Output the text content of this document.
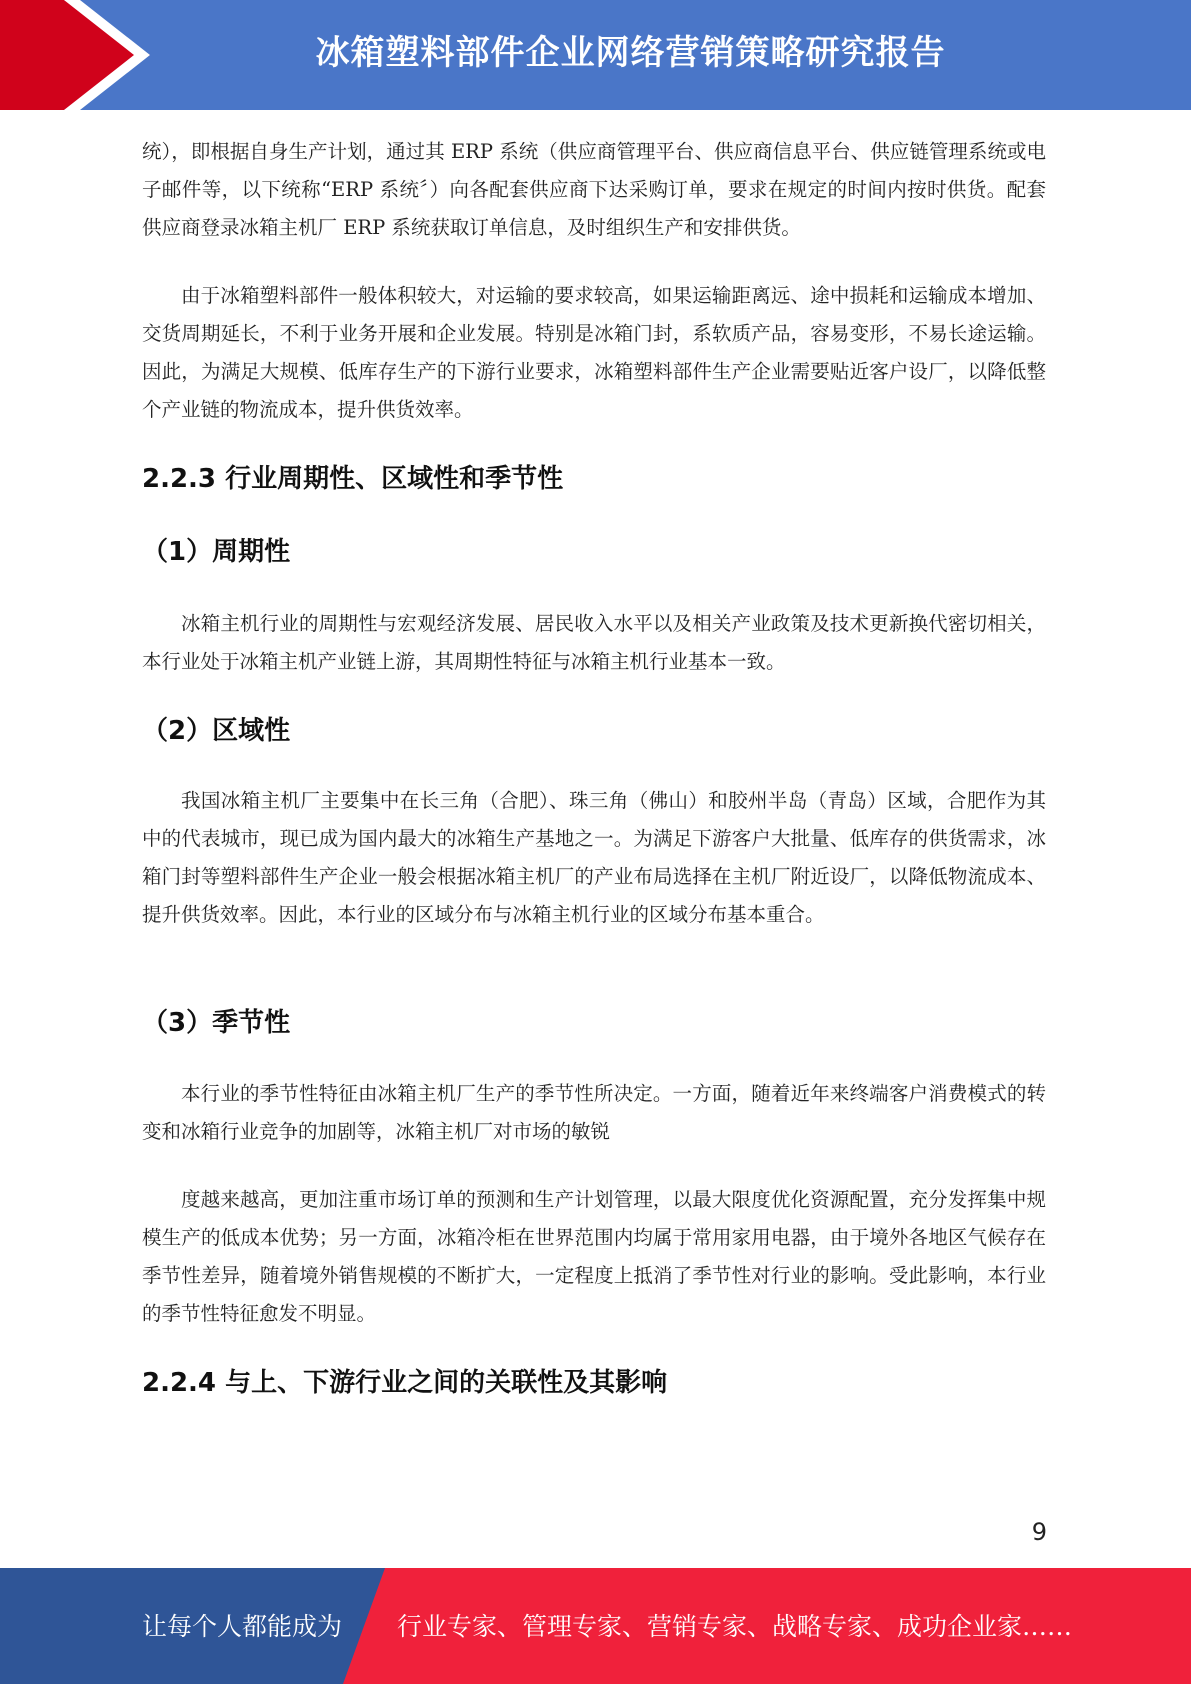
冰箱塑料部件企业网络营销策略研究报告

统），即根据自身生产计划，通过其 ERP 系统（供应商管理平台、供应商信息平台、供应链管理系统或电子邮件等，以下统称“ERP 系统〞）向各配套供应商下达采购订单，要求在规定的时间内按时供货。配套供应商登录冰箱主机厂 ERP 系统获取订单信息，及时组织生产和安排供货。

由于冰箱塑料部件一般体积较大，对运输的要求较高，如果运输距离远、途中损耗和运输成本增加、交货周期延长，不利于业务开展和企业发展。特别是冰箱门封，系软质产品，容易变形，不易长途运输。因此，为满足大规模、低库存生产的下游行业要求，冰箱塑料部件生产企业需要贴近客户设厂，以降低整个产业链的物流成本，提升供货效率。

2.2.3 行业周期性、区域性和季节性
（1）周期性

冰箱主机行业的周期性与宏观经济发展、居民收入水平以及相关产业政策及技术更新换代密切相关，本行业处于冰箱主机产业链上游，其周期性特征与冰箱主机行业基本一致。

（2）区域性

我国冰箱主机厂主要集中在长三角（合肥）、珠三角（佛山）和胶州半岛（青岛）区域，合肥作为其中的代表城市，现已成为国内最大的冰箱生产基地之一。为满足下游客户大批量、低库存的供货需求，冰箱门封等塑料部件生产企业一般会根据冰箱主机厂的产业布局选择在主机厂附近设厂，以降低物流成本、提升供货效率。因此，本行业的区域分布与冰箱主机行业的区域分布基本重合。

（3）季节性

本行业的季节性特征由冰箱主机厂生产的季节性所决定。一方面，随着近年来终端客户消费模式的转变和冰箱行业竞争的加剧等，冰箱主机厂对市场的敏锐

度越来越高，更加注重市场订单的预测和生产计划管理，以最大限度优化资源配置，充分发挥集中规模生产的低成本优势；另一方面，冰箱冷柜在世界范围内均属于常用家用电器，由于境外各地区气候存在季节性差异，随着境外销售规模的不断扩大，一定程度上抵消了季节性对行业的影响。受此影响，本行业的季节性特征愈发不明显。

2.2.4 与上、下游行业之间的关联性及其影响
9
让每个人都能成为 行业专家、管理专家、营销专家、战略专家、成功企业家……
